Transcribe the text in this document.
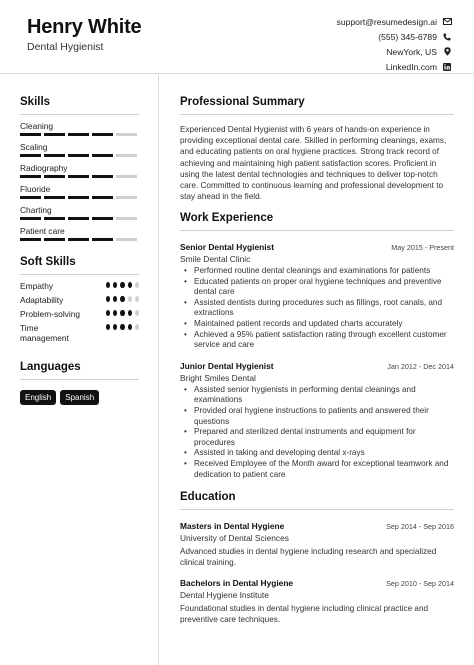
Henry White
Dental Hygienist
support@resumedesign.ai
(555) 345-6789
NewYork, US
LinkedIn.com
Skills
Cleaning
Scaling
Radiography
Fluoride
Charting
Patient care
Soft Skills
Empathy
Adaptability
Problem-solving
Time management
Languages
English	Spanish
Professional Summary
Experienced Dental Hygienist with 6 years of hands-on experience in providing exceptional dental care. Skilled in performing cleanings, exams, and educating patients on oral hygiene practices. Strong track record of achieving and maintaining high patient satisfaction scores. Proficient in using the latest dental technologies and techniques to deliver top-notch care. Committed to continuous learning and professional development to stay ahead in the field.
Work Experience
Senior Dental Hygienist	May 2015 - Present
Smile Dental Clinic
• Performed routine dental cleanings and examinations for patients
• Educated patients on proper oral hygiene techniques and preventive dental care
• Assisted dentists during procedures such as fillings, root canals, and extractions
• Maintained patient records and updated charts accurately
• Achieved a 95% patient satisfaction rating through excellent customer service and care
Junior Dental Hygienist	Jan 2012 - Dec 2014
Bright Smiles Dental
• Assisted senior hygienists in performing dental cleanings and examinations
• Provided oral hygiene instructions to patients and answered their questions
• Prepared and sterilized dental instruments and equipment for procedures
• Assisted in taking and developing dental x-rays
• Received Employee of the Month award for exceptional teamwork and dedication to patient care
Education
Masters in Dental Hygiene	Sep 2014 - Sep 2016
University of Dental Sciences
Advanced studies in dental hygiene including research and specialized clinical training.
Bachelors in Dental Hygiene	Sep 2010 - Sep 2014
Dental Hygiene Institute
Foundational studies in dental hygiene including clinical practice and preventive care techniques.
